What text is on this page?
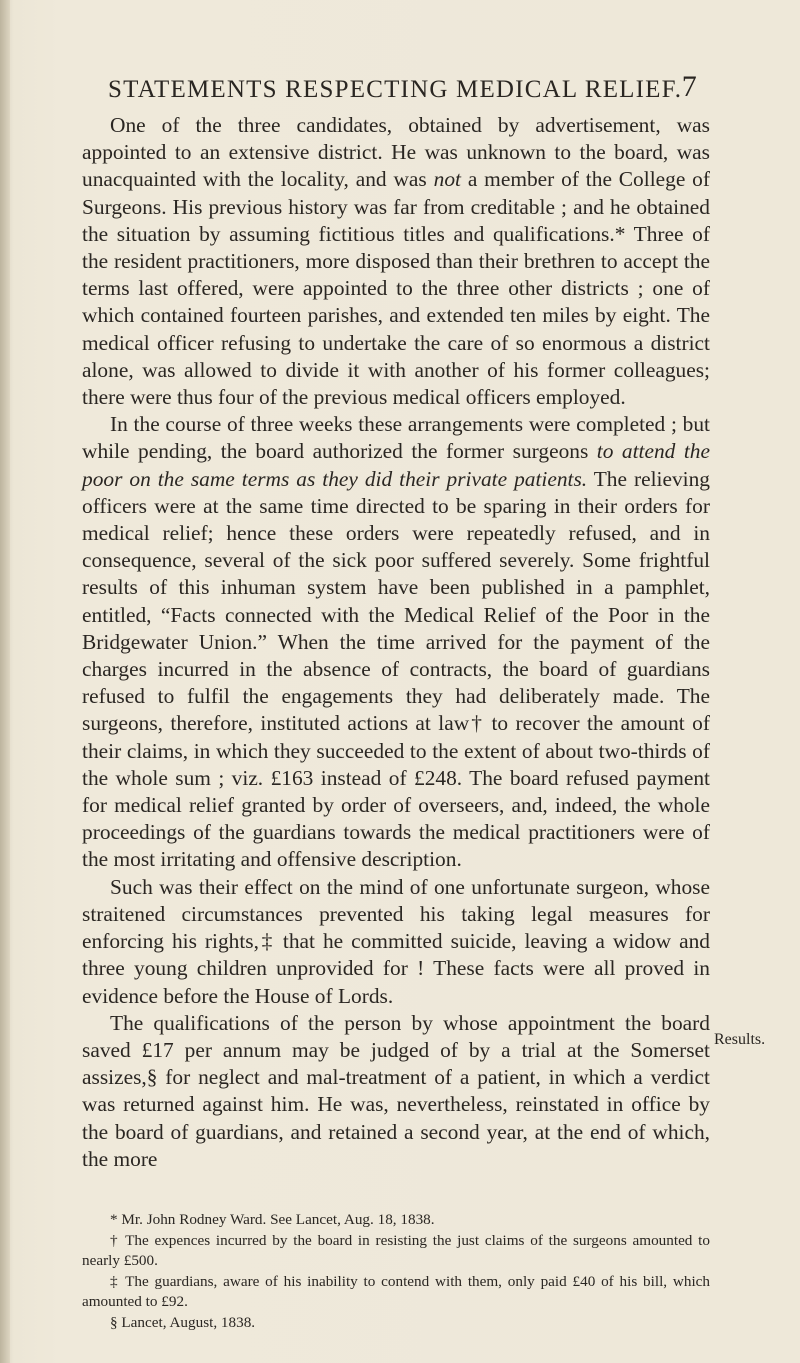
STATEMENTS RESPECTING MEDICAL RELIEF. 7

One of the three candidates, obtained by advertisement, was appointed to an extensive district. He was unknown to the board, was unacquainted with the locality, and was not a member of the College of Surgeons. His previous history was far from creditable ; and he obtained the situation by assuming fictitious titles and qualifications.* Three of the resident practitioners, more disposed than their brethren to accept the terms last offered, were appointed to the three other districts ; one of which contained fourteen parishes, and extended ten miles by eight. The medical officer refusing to undertake the care of so enormous a district alone, was allowed to divide it with another of his former colleagues; there were thus four of the previous medical officers employed.

In the course of three weeks these arrangements were completed ; but while pending, the board authorized the former surgeons to attend the poor on the same terms as they did their private patients. The relieving officers were at the same time directed to be sparing in their orders for medical relief; hence these orders were repeatedly refused, and in consequence, several of the sick poor suffered severely. Some frightful results of this inhuman system have been published in a pamphlet, entitled, “Facts connected with the Medical Relief of the Poor in the Bridgewater Union.” When the time arrived for the payment of the charges incurred in the absence of contracts, the board of guardians refused to fulfil the engagements they had deliberately made. The surgeons, therefore, instituted actions at law† to recover the amount of their claims, in which they succeeded to the extent of about two-thirds of the whole sum ; viz. £163 instead of £248. The board refused payment for medical relief granted by order of overseers, and, indeed, the whole proceedings of the guardians towards the medical practitioners were of the most irritating and offensive description.

Such was their effect on the mind of one unfortunate surgeon, whose straitened circumstances prevented his taking legal measures for enforcing his rights,‡ that he committed suicide, leaving a widow and three young children unprovided for ! These facts were all proved in evidence before the House of Lords.

The qualifications of the person by whose appointment the board saved £17 per annum may be judged of by a trial at the Somerset assizes,§ for neglect and mal-treatment of a patient, in which a verdict was returned against him. He was, nevertheless, reinstated in office by the board of guardians, and retained a second year, at the end of which, the more

Results.

* Mr. John Rodney Ward. See Lancet, Aug. 18, 1838.

† The expences incurred by the board in resisting the just claims of the surgeons amounted to nearly £500.

‡ The guardians, aware of his inability to contend with them, only paid £40 of his bill, which amounted to £92.

§ Lancet, August, 1838.
